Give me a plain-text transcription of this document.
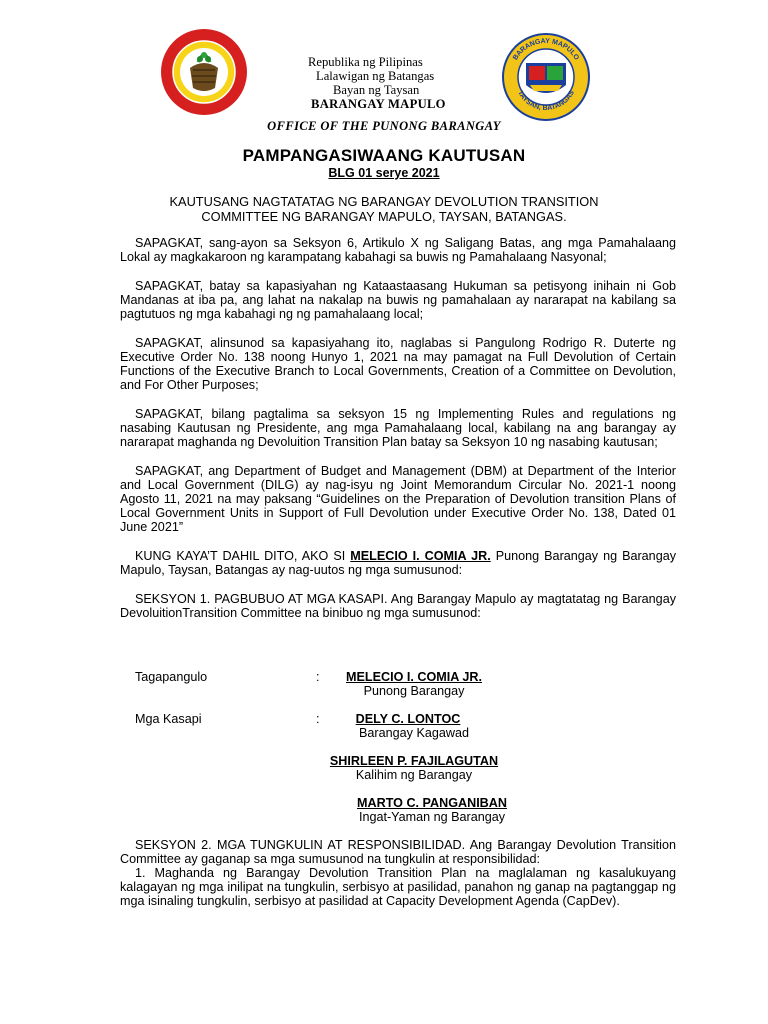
BARANGAY MAPULO
TAYSAN, BATANGAS
Republika ng Pilipinas
Lalawigan ng Batangas
Bayan ng Taysan
BARANGAY MAPULO
OFFICE OF THE PUNONG BARANGAY
PAMPANGASIWAANG KAUTUSAN
BLG 01 serye 2021
KAUTUSANG NAGTATATAG NG BARANGAY DEVOLUTION TRANSITION
COMMITTEE NG BARANGAY MAPULO, TAYSAN, BATANGAS.

SAPAGKAT, sang-ayon sa Seksyon 6, Artikulo X ng Saligang Batas, ang mga Pamahalaang Lokal ay magkakaroon ng karampatang kabahagi sa buwis ng Pamahalaang Nasyonal;

SAPAGKAT, batay sa kapasiyahan ng Kataastaasang Hukuman sa petisyong inihain ni Gob Mandanas at iba pa, ang lahat na nakalap na buwis ng pamahalaan ay nararapat na kabilang sa pagtutuos ng mga kabahagi ng ng pamahalaang local;

SAPAGKAT, alinsunod sa kapasiyahang ito, naglabas si Pangulong Rodrigo R. Duterte ng Executive Order No. 138 noong Hunyo 1, 2021 na may pamagat na Full Devolution of Certain Functions of the Executive Branch to Local Governments, Creation of a Committee on Devolution, and For Other Purposes;

SAPAGKAT, bilang pagtalima sa seksyon 15 ng Implementing Rules and regulations ng nasabing Kautusan ng Presidente, ang mga Pamahalaang local, kabilang na ang barangay ay nararapat maghanda ng Devoluition Transition Plan batay sa Seksyon 10 ng nasabing kautusan;

SAPAGKAT, ang Department of Budget and Management (DBM) at Department of the Interior and Local Government (DILG) ay nag-isyu ng Joint Memorandum Circular No. 2021-1 noong Agosto 11, 2021 na may paksang “Guidelines on the Preparation of Devolution transition Plans of Local Government Units in Support of Full Devolution under Executive Order No. 138, Dated 01 June 2021”

KUNG KAYA’T DAHIL DITO, AKO SI MELECIO I. COMIA JR. Punong Barangay ng Barangay Mapulo, Taysan, Batangas ay nag-uutos ng mga sumusunod:

SEKSYON 1. PAGBUBUO AT MGA KASAPI. Ang Barangay Mapulo ay magtatatag ng Barangay DevoluitionTransition Committee na binibuo ng mga sumusunod:

Tagapangulo	:	MELECIO I. COMIA JR.
Punong Barangay
Mga Kasapi	:	DELY C. LONTOC
Barangay Kagawad
SHIRLEEN P. FAJILAGUTAN
Kalihim ng Barangay
MARTO C. PANGANIBAN
Ingat-Yaman ng Barangay

SEKSYON 2. MGA TUNGKULIN AT RESPONSIBILIDAD. Ang Barangay Devolution Transition Committee ay gaganap sa mga sumusunod na tungkulin at responsibilidad:

1. Maghanda ng Barangay Devolution Transition Plan na maglalaman ng kasalukuyang kalagayan ng mga inilipat na tungkulin, serbisyo at pasilidad, panahon ng ganap na pagtanggap ng mga isinaling tungkulin, serbisyo at pasilidad at Capacity Development Agenda (CapDev).
